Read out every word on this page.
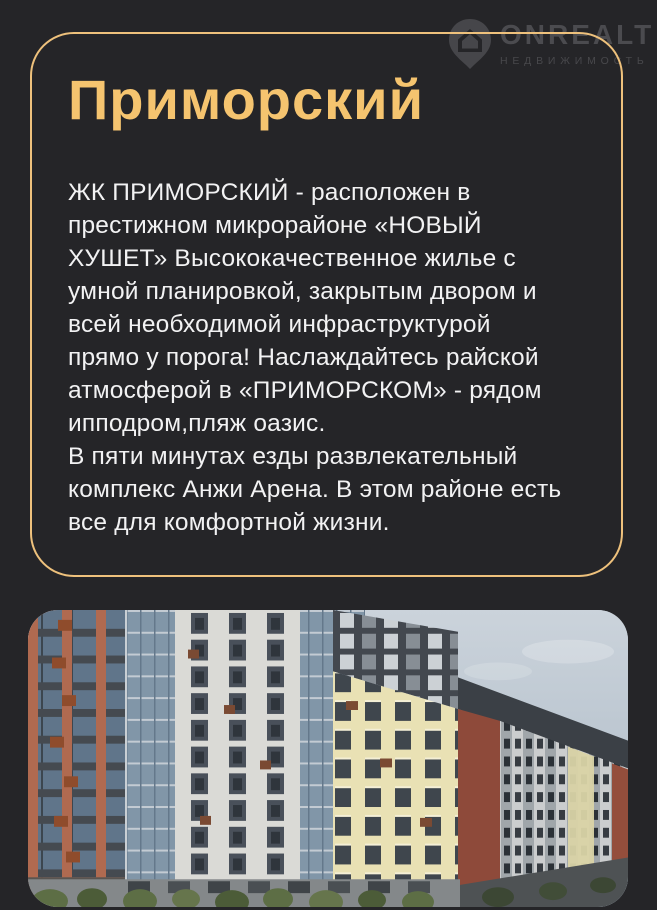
ONREALT
НЕДВИЖИМОСТЬ
Приморский
ЖК ПРИМОРСКИЙ - расположен в
престижном микрорайоне «НОВЫЙ
ХУШЕТ» Высококачественное жилье с
умной планировкой, закрытым двором и
всей необходимой инфраструктурой
прямо у порога! Наслаждайтесь райской
атмосферой в «ПРИМОРСКОМ» - рядом
ипподром,пляж оазис.
В пяти минутах езды развлекательный
комплекс Анжи Арена. В этом районе есть
все для комфортной жизни.
